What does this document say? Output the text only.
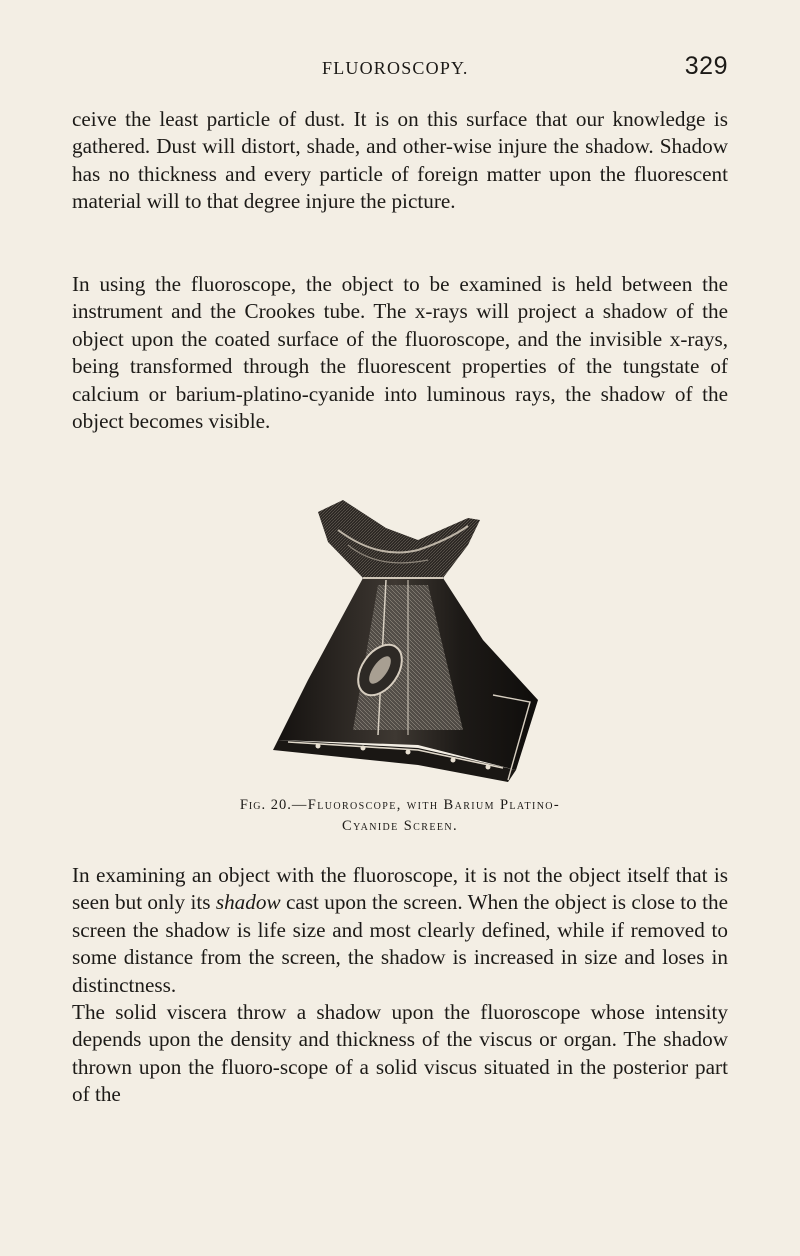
FLUOROSCOPY.	329

ceive the least particle of dust. It is on this surface that our knowledge is gathered. Dust will distort, shade, and other-wise injure the shadow. Shadow has no thickness and every particle of foreign matter upon the fluorescent material will to that degree injure the picture.

In using the fluoroscope, the object to be examined is held between the instrument and the Crookes tube. The x-rays will project a shadow of the object upon the coated surface of the fluoroscope, and the invisible x-rays, being transformed through the fluorescent properties of the tungstate of calcium or barium-platino-cyanide into luminous rays, the shadow of the object becomes visible.

Fig. 20.—Fluoroscope, with Barium Platino-
Cyanide Screen.

In examining an object with the fluoroscope, it is not the object itself that is seen but only its shadow cast upon the screen. When the object is close to the screen the shadow is life size and most clearly defined, while if removed to some distance from the screen, the shadow is increased in size and loses in distinctness.

The solid viscera throw a shadow upon the fluoroscope whose intensity depends upon the density and thickness of the viscus or organ. The shadow thrown upon the fluoro-scope of a solid viscus situated in the posterior part of the
